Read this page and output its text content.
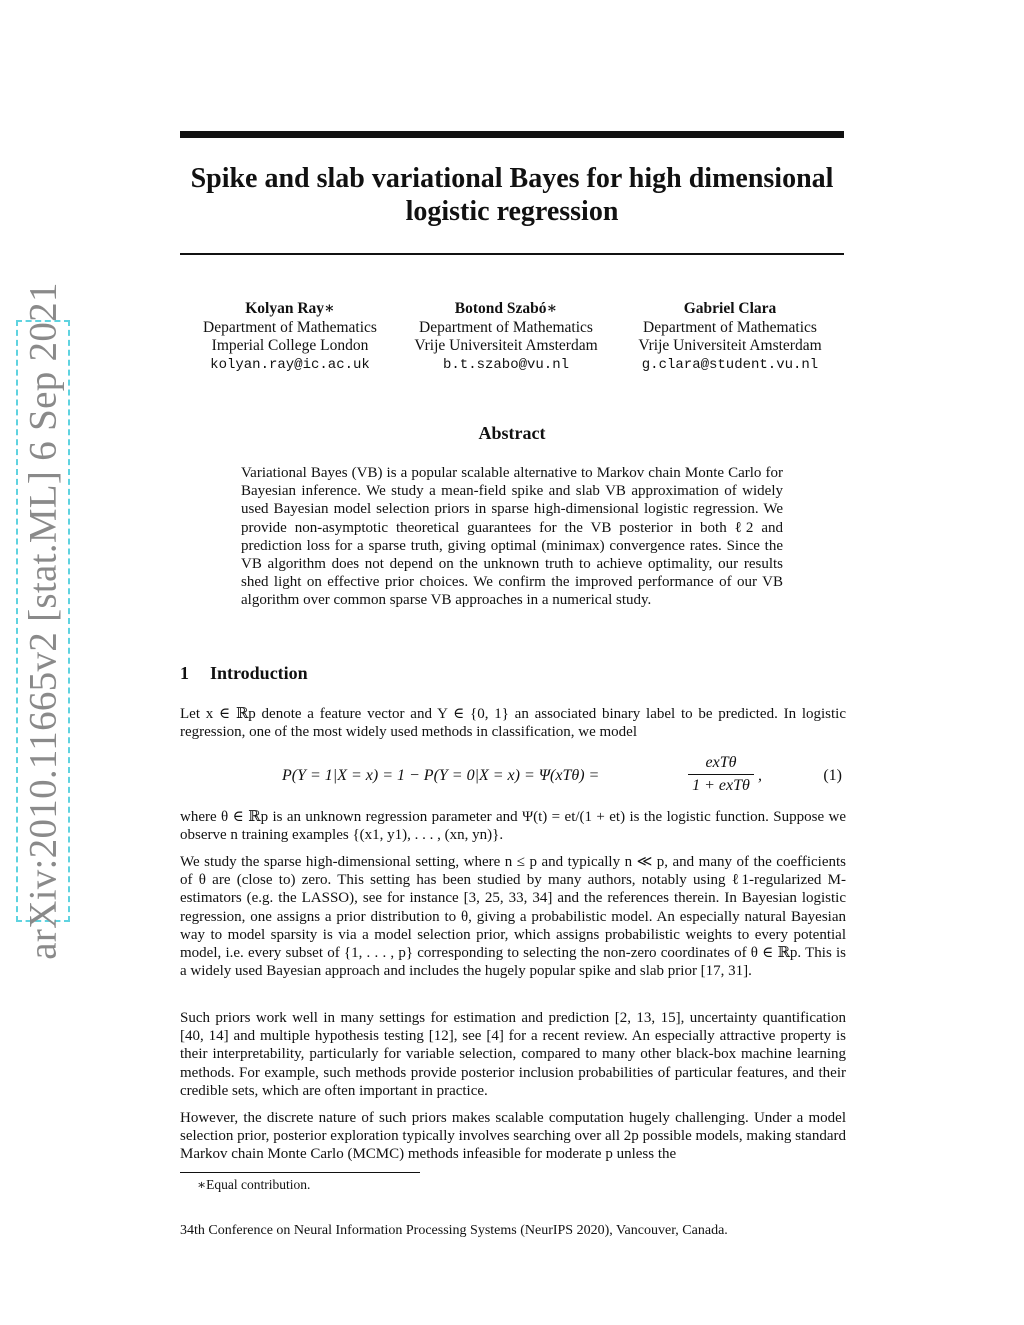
arXiv:2010.11665v2 [stat.ML] 6 Sep 2021
Spike and slab variational Bayes for high dimensional
logistic regression
Kolyan Ray∗
Department of Mathematics
Imperial College London
kolyan.ray@ic.ac.uk
Botond Szabó∗
Department of Mathematics
Vrije Universiteit Amsterdam
b.t.szabo@vu.nl
Gabriel Clara
Department of Mathematics
Vrije Universiteit Amsterdam
g.clara@student.vu.nl
Abstract

Variational Bayes (VB) is a popular scalable alternative to Markov chain Monte Carlo for Bayesian inference. We study a mean-field spike and slab VB approximation of widely used Bayesian model selection priors in sparse high-dimensional logistic regression. We provide non-asymptotic theoretical guarantees for the VB posterior in both ℓ2 and prediction loss for a sparse truth, giving optimal (minimax) convergence rates. Since the VB algorithm does not depend on the unknown truth to achieve optimality, our results shed light on effective prior choices. We confirm the improved performance of our VB algorithm over common sparse VB approaches in a numerical study.

1 Introduction

Let x ∈ ℝp denote a feature vector and Y ∈ {0, 1} an associated binary label to be predicted. In logistic regression, one of the most widely used methods in classification, we model

P(Y = 1|X = x) = 1 − P(Y = 0|X = x) = Ψ(xTθ) =
exTθ
1 + exTθ
,	(1)

where θ ∈ ℝp is an unknown regression parameter and Ψ(t) = et/(1 + et) is the logistic function. Suppose we observe n training examples {(x1, y1), . . . , (xn, yn)}.

We study the sparse high-dimensional setting, where n ≤ p and typically n ≪ p, and many of the coefficients of θ are (close to) zero. This setting has been studied by many authors, notably using ℓ1-regularized M-estimators (e.g. the LASSO), see for instance [3, 25, 33, 34] and the references therein. In Bayesian logistic regression, one assigns a prior distribution to θ, giving a probabilistic model. An especially natural Bayesian way to model sparsity is via a model selection prior, which assigns probabilistic weights to every potential model, i.e. every subset of {1, . . . , p} corresponding to selecting the non-zero coordinates of θ ∈ ℝp. This is a widely used Bayesian approach and includes the hugely popular spike and slab prior [17, 31].

Such priors work well in many settings for estimation and prediction [2, 13, 15], uncertainty quantification [40, 14] and multiple hypothesis testing [12], see [4] for a recent review. An especially attractive property is their interpretability, particularly for variable selection, compared to many other black-box machine learning methods. For example, such methods provide posterior inclusion probabilities of particular features, and their credible sets, which are often important in practice.

However, the discrete nature of such priors makes scalable computation hugely challenging. Under a model selection prior, posterior exploration typically involves searching over all 2p possible models, making standard Markov chain Monte Carlo (MCMC) methods infeasible for moderate p unless the

∗Equal contribution.

34th Conference on Neural Information Processing Systems (NeurIPS 2020), Vancouver, Canada.
